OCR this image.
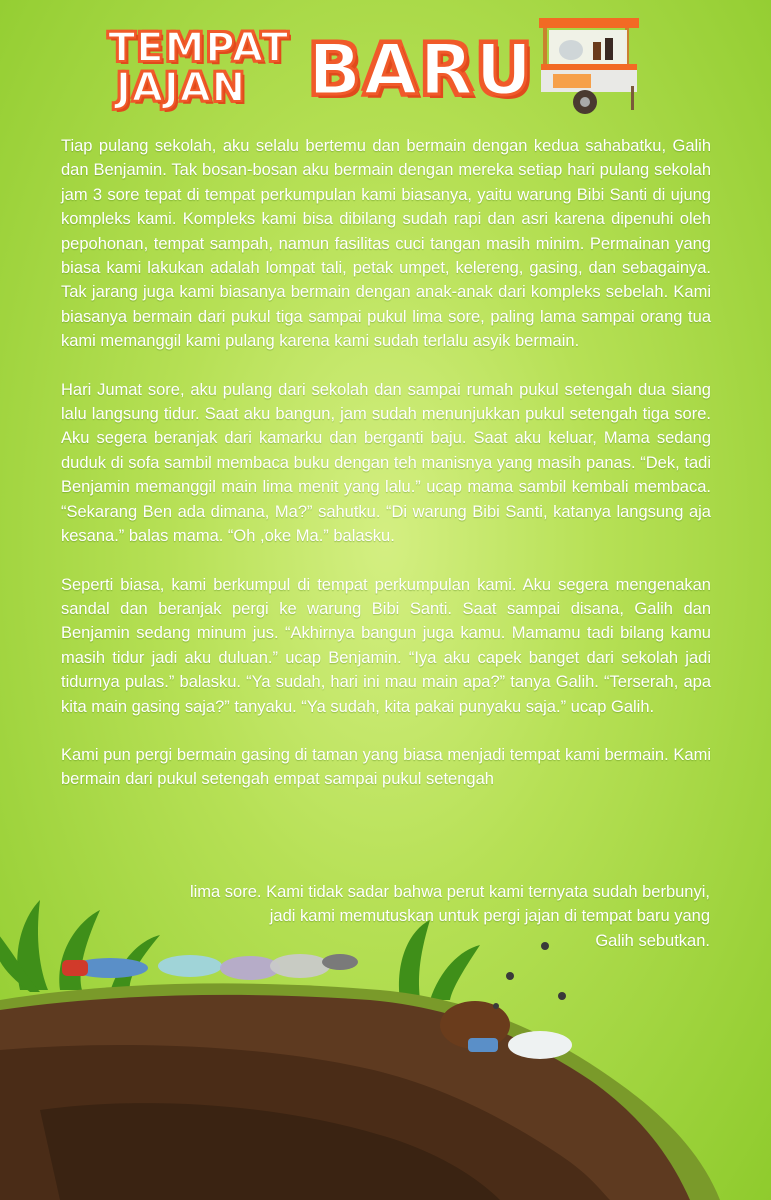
TEMPAT
JAJAN BARU

Tiap pulang sekolah, aku selalu bertemu dan bermain dengan kedua sahabatku, Galih dan Benjamin. Tak bosan-bosan aku bermain dengan mereka setiap hari pulang sekolah jam 3 sore tepat di tempat perkumpulan kami biasanya, yaitu warung Bibi Santi di ujung kompleks kami. Kompleks kami bisa dibilang sudah rapi dan asri karena dipenuhi oleh pepohonan, tempat sampah, namun fasilitas cuci tangan masih minim. Permainan yang biasa kami lakukan adalah lompat tali, petak umpet, kelereng, gasing, dan sebagainya. Tak jarang juga kami biasanya bermain dengan anak-anak dari kompleks sebelah. Kami biasanya bermain dari pukul tiga sampai pukul lima sore, paling lama sampai orang tua kami memanggil kami pulang karena kami sudah terlalu asyik bermain.

Hari Jumat sore, aku pulang dari sekolah dan sampai rumah pukul setengah dua siang lalu langsung tidur. Saat aku bangun, jam sudah menunjukkan pukul setengah tiga sore. Aku segera beranjak dari kamarku dan berganti baju. Saat aku keluar, Mama sedang duduk di sofa sambil membaca buku dengan teh manisnya yang masih panas. “Dek, tadi Benjamin memanggil main lima menit yang lalu.” ucap mama sambil kembali membaca. “Sekarang Ben ada dimana, Ma?” sahutku. “Di warung Bibi Santi, katanya langsung aja kesana.” balas mama. “Oh ,oke Ma.” balasku.

Seperti biasa, kami berkumpul di tempat perkumpulan kami. Aku segera mengenakan sandal dan beranjak pergi ke warung Bibi Santi. Saat sampai disana, Galih dan Benjamin sedang minum jus. “Akhirnya bangun juga kamu. Mamamu tadi bilang kamu masih tidur jadi aku duluan.” ucap Benjamin. “Iya aku capek banget dari sekolah jadi tidurnya pulas.” balasku. “Ya sudah, hari ini mau main apa?” tanya Galih. “Terserah, apa kita main gasing saja?” tanyaku. “Ya sudah, kita pakai punyaku saja.” ucap Galih.

Kami pun pergi bermain gasing di taman yang biasa menjadi tempat kami bermain. Kami bermain dari pukul setengah empat sampai pukul setengah

lima sore. Kami tidak sadar bahwa perut kami ternyata sudah berbunyi,
jadi kami memutuskan untuk pergi jajan di tempat baru yang
Galih sebutkan.
